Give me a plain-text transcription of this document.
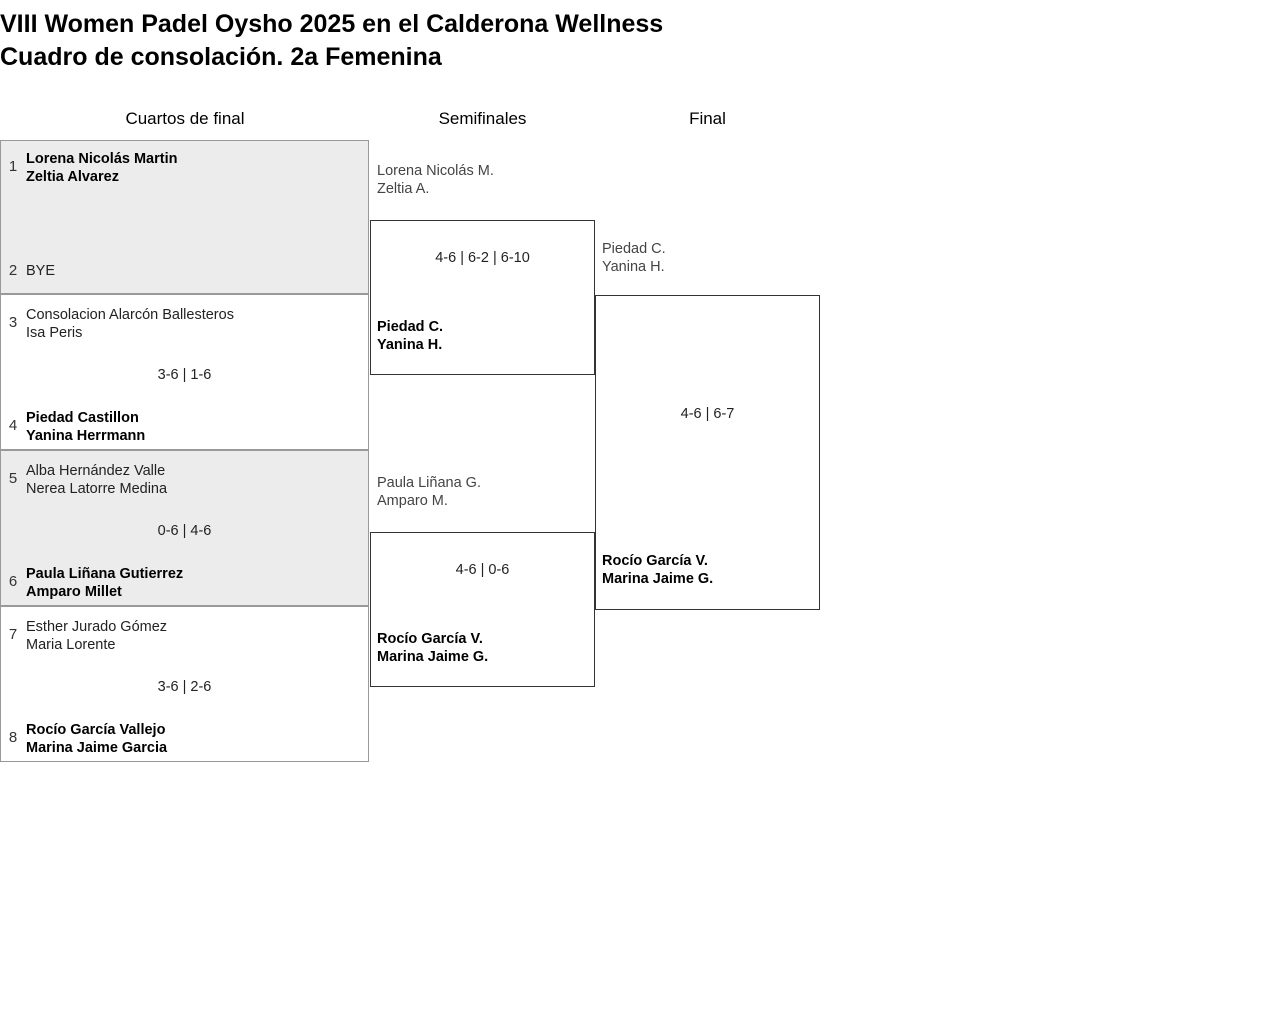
VIII Women Padel Oysho 2025 en el Calderona Wellness
Cuadro de consolación. 2a Femenina
Cuartos de final	Semifinales	Final
1 Lorena Nicolás Martin
Zeltia Alvarez
2 BYE
3 Consolacion Alarcón Ballesteros
Isa Peris
4 Piedad Castillon
Yanina Herrmann
3-6 | 1-6
5 Alba Hernández Valle
Nerea Latorre Medina
6 Paula Liñana Gutierrez
Amparo Millet
0-6 | 4-6
7 Esther Jurado Gómez
Maria Lorente
8 Rocío García Vallejo
Marina Jaime Garcia
3-6 | 2-6
Lorena Nicolás M.
Zeltia A.
Piedad C.
Yanina H.
4-6 | 6-2 | 6-10
Paula Liñana G.
Amparo M.
Rocío García V.
Marina Jaime G.
4-6 | 0-6
Piedad C.
Yanina H.
Rocío García V.
Marina Jaime G.
4-6 | 6-7
